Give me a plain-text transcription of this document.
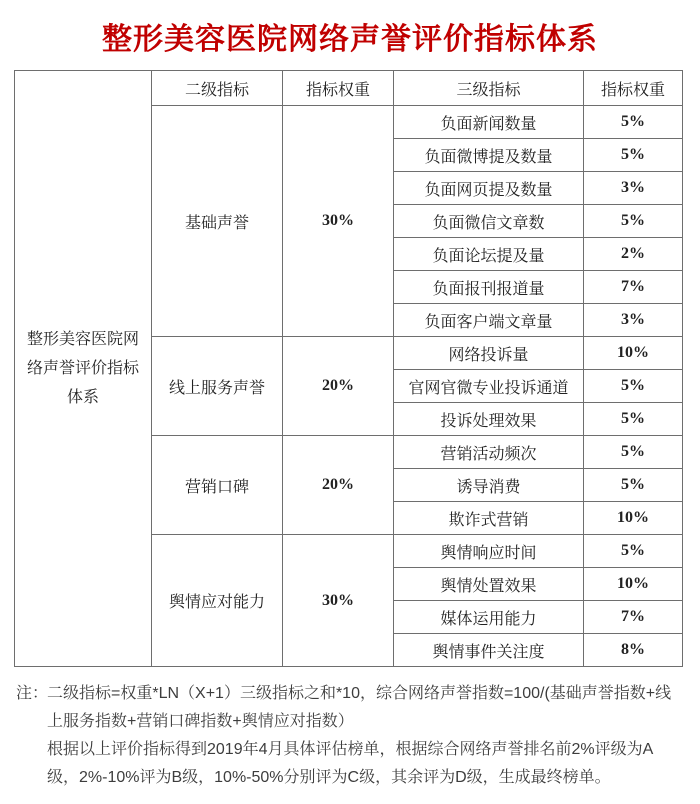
整形美容医院网络声誉评价指标体系
整形美容医院网络声誉评价指标体系	二级指标	指标权重	三级指标	指标权重
	基础声誉	30%	负面新闻数量	5%
			负面微博提及数量	5%
			负面网页提及数量	3%
			负面微信文章数	5%
			负面论坛提及量	2%
			负面报刊报道量	7%
			负面客户端文章量	3%
	线上服务声誉	20%	网络投诉量	10%
			官网官微专业投诉通道	5%
			投诉处理效果	5%
	营销口碑	20%	营销活动频次	5%
			诱导消费	5%
			欺诈式营销	10%
	舆情应对能力	30%	舆情响应时间	5%
			舆情处置效果	10%
			媒体运用能力	7%
			舆情事件关注度	8%

注：二级指标=权重*LN（X+1）三级指标之和*10，综合网络声誉指数=100/(基础声誉指数+线上服务指数+营销口碑指数+舆情应对指数）

根据以上评价指标得到2019年4月具体评估榜单，根据综合网络声誉排名前2%评级为A级，2%-10%评为B级，10%-50%分别评为C级，其余评为D级，生成最终榜单。
